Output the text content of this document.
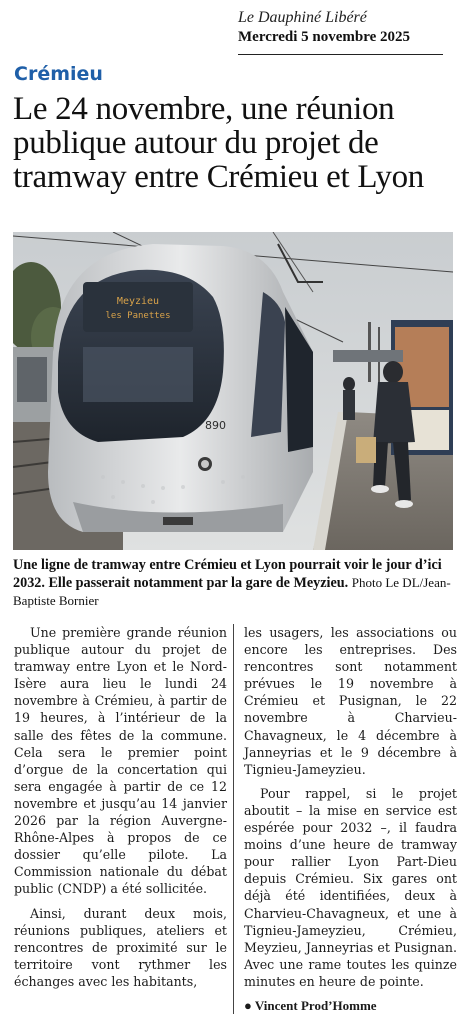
Le Dauphiné Libéré
Mercredi 5 novembre 2025
Crémieu
Le 24 novembre, une réunion publique autour du projet de tramway entre Crémieu et Lyon
Meyzieu
les Panettes
890
Une ligne de tramway entre Crémieu et Lyon pourrait voir le jour d’ici 2032. Elle passerait notamment par la gare de Meyzieu. Photo Le DL/Jean-Baptiste Bornier

Une première grande réunion publique autour du projet de tramway entre Lyon et le Nord-Isère aura lieu le lundi 24 novembre à Crémieu, à partir de 19 heures, à l’intérieur de la salle des fêtes de la commune. Cela sera le premier point d’orgue de la concertation qui sera engagée à partir de ce 12 novembre et jusqu’au 14 janvier 2026 par la région Auvergne-Rhône-Alpes à propos de ce dossier qu’elle pilote. La Commission nationale du débat public (CNDP) a été sollicitée.

Ainsi, durant deux mois, réunions publiques, ateliers et rencontres de proximité sur le territoire vont rythmer les échanges avec les habitants,

les usagers, les associations ou encore les entreprises. Des rencontres sont notamment prévues le 19 novembre à Crémieu et Pusignan, le 22 novembre à Charvieu-Chavagneux, le 4 décembre à Janneyrias et le 9 décembre à Tignieu-Jameyzieu.

Pour rappel, si le projet aboutit – la mise en service est espérée pour 2032 –, il faudra moins d’une heure de tramway pour rallier Lyon Part-Dieu depuis Crémieu. Six gares ont déjà été identifiées, deux à Charvieu-Chavagneux, et une à Tignieu-Jameyzieu, Crémieu, Meyzieu, Janneyrias et Pusignan. Avec une rame toutes les quinze minutes en heure de pointe.

● Vincent Prod’Homme
